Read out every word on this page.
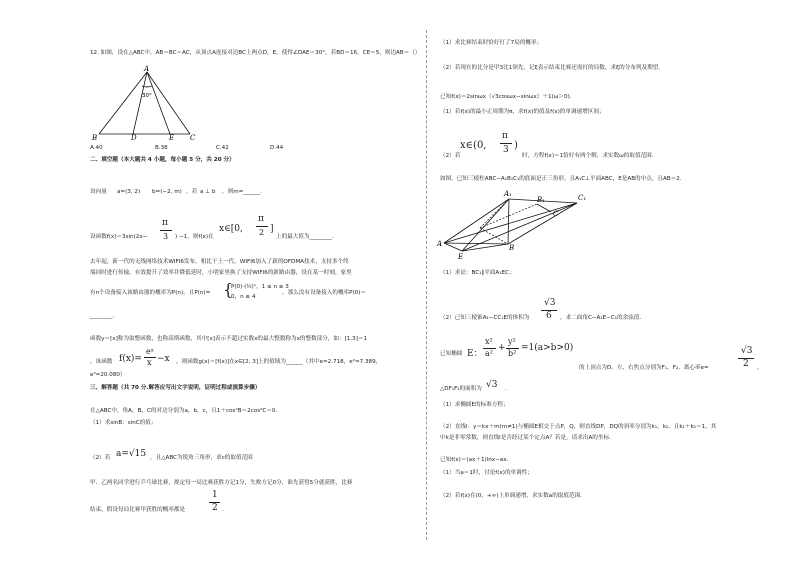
12. 如图，设在△ABC中，AB＝BC＝AC，从顶点A连接对边BC上两点D，E，使得∠DAE＝30°，若BD＝16，CE＝5，则边AB＝（）
A
B	C
D	E
30°
A.40	B.38	C.42	D.44
二、填空题（本大题共 4 小题，每小题 5 分，共 20 分）
设向量 a=(3, 2) b=(−2, m) ，若 a ⊥ b ，则m=______.
设函数f(x)＝3sin(2x−
π
3 ) −1，则f(x)在
x∈[0,
π
2 ]
上的最大值为________.
去年起，新一代的无线网络技术WIFI6发布，相比于上一代，WIFI6加入了新的OFDMA技术，支持多个终
端同时进行传输，有效提升了效率并降低延时，小明家里换了支持WIFI6的新路由器，设在某一时刻，家里
有n个设备接入该路由器的概率为P(n)，且P(n)= {
P(0)·(½)ⁿ，1 ≤ n ≤ 3
0，n ≥ 4
，那么没有设备接入的概率P(0)＝
________.
函数y＝[x]称为取整函数，也称高斯函数，其中[x]表示不超过实数x的最大整数称为x的整数部分，如：[1.3]＝1
，该函数 f(x)=
eˣ
x −x ，则函数g(x)＝[f(x)]在x∈[2, 3]上的值域为______（其中e≈2.718，e²≈7.389，
e³≈20.080）
三、解答题（共 70 分.解答应写出文字说明，证明过程或演算步骤）
在△ABC中，角A，B，C的对边分别为a，b，c，且1＋cos²B＝2cos²C＝0.
（1）求sinB：sinC的值；
（2）若 a=√15 ，且△ABC为锐角三角形，求c的取值范围
甲、乙两名同学进行乒乓球比赛，规定每一局比赛获胜方记1分，失败方记0分，谁先获得5分就获胜，比赛
结束，假设每局比赛甲获胜的概率都是
1
2 .
（1）求比赛结束时恰好打了7局的概率；
（2）若现在的比分是甲3比1领先，记ξ表示结束比赛还需打的局数，求ξ的分布列及期望.
已知f(x)＝2sinωx（√3cosωx−sinωx）＋1(ω＞0)．
（1）若f(x)的最小正周期为π，求f(x)的值及f(x)的单调递增区间；
（2）若
x∈(0,
π
3 )
时，方程f(x)＝1恰好有两个解，求实数ω的取值范围.
如图，已知三棱柱ABC−A₁B₁C₁的底面是正三角形，且A₁C⊥平面ABC，E是AB的中点，且AB＝2.
A
E
B
A₁
B₁	C₁
C
（1）求证：BC₁∥平面A₁EC；
（2）已知三棱锥A₁−CC₁E的体积为
√3
6 ，求二面角C−A₁E−C₁的余弦值.
已知椭圆 E：
x²
a²
+
y²
b²
=1(a>b>0)
的上顶点为D，左、右焦点分别为F₁，F₂，离心率e=
√3
2 ，
△DF₁F₂的面积为 √3 .
（1）求椭圆E的标准方程；
（2）直线l：y＝kx＋m(m≠1)与椭圆E相交于点P，Q，则直线DP，DQ的斜率分别为k₁，k₂，且k₁＋k₂＝1，其
中k是非零常数，则直线l是否经过某个定点A？若是，请求出A的坐标.
已知f(x)＝(ax＋1)lnx−ax.
（1）当a＝1时，讨论f(x)的单调性；
（2）若f(x)在(0，+∞)上单调递增，求实数a的取值范围.
